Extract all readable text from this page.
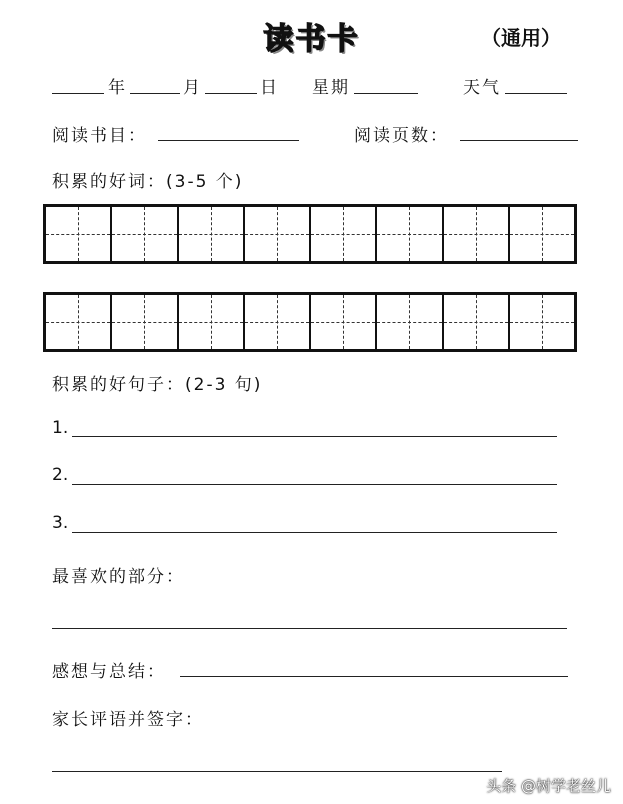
读书卡	（通用）
年	月	日 星期	天气
阅读书目：	阅读页数：
积累的好词：(3-5 个)
积累的好句子：(2-3 句)
1.
2.
3.
最喜欢的部分：
感想与总结：
家长评语并签字：
头条 @树学老丝儿
